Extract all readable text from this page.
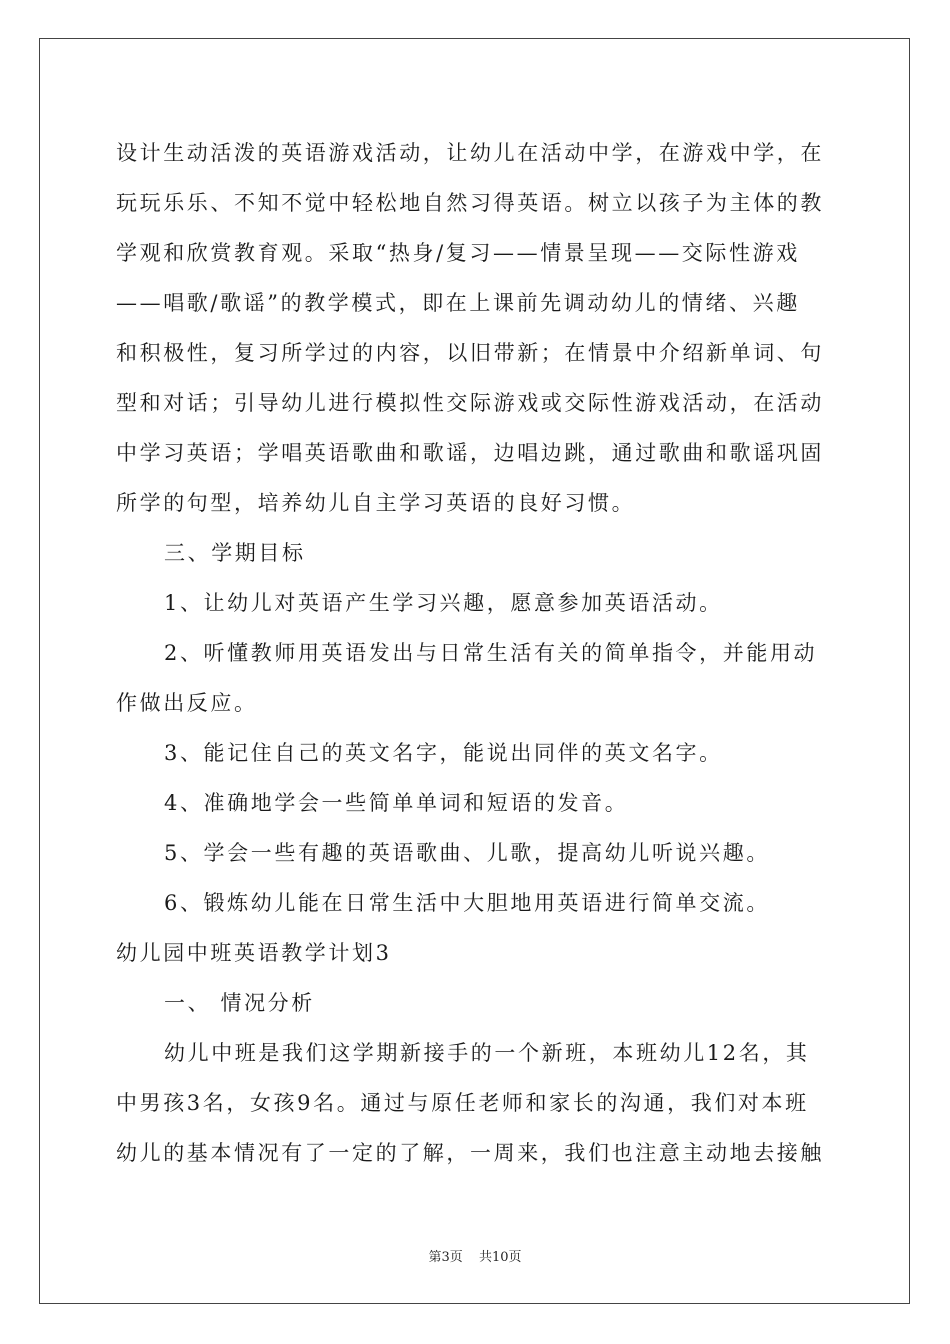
设计生动活泼的英语游戏活动，让幼儿在活动中学，在游戏中学，在
玩玩乐乐、不知不觉中轻松地自然习得英语。树立以孩子为主体的教
学观和欣赏教育观。采取“热身/复习——情景呈现——交际性游戏
——唱歌/歌谣”的教学模式，即在上课前先调动幼儿的情绪、兴趣
和积极性，复习所学过的内容，以旧带新；在情景中介绍新单词、句
型和对话；引导幼儿进行模拟性交际游戏或交际性游戏活动，在活动
中学习英语；学唱英语歌曲和歌谣，边唱边跳，通过歌曲和歌谣巩固
所学的句型，培养幼儿自主学习英语的良好习惯。
三、学期目标
1、让幼儿对英语产生学习兴趣，愿意参加英语活动。
2、听懂教师用英语发出与日常生活有关的简单指令，并能用动
作做出反应。
3、能记住自己的英文名字，能说出同伴的英文名字。
4、准确地学会一些简单单词和短语的发音。
5、学会一些有趣的英语歌曲、儿歌，提高幼儿听说兴趣。
6、锻炼幼儿能在日常生活中大胆地用英语进行简单交流。
幼儿园中班英语教学计划3
一、 情况分析
幼儿中班是我们这学期新接手的一个新班，本班幼儿12名，其
中男孩3名，女孩9名。通过与原任老师和家长的沟通，我们对本班
幼儿的基本情况有了一定的了解，一周来，我们也注意主动地去接触
第3页 共10页
